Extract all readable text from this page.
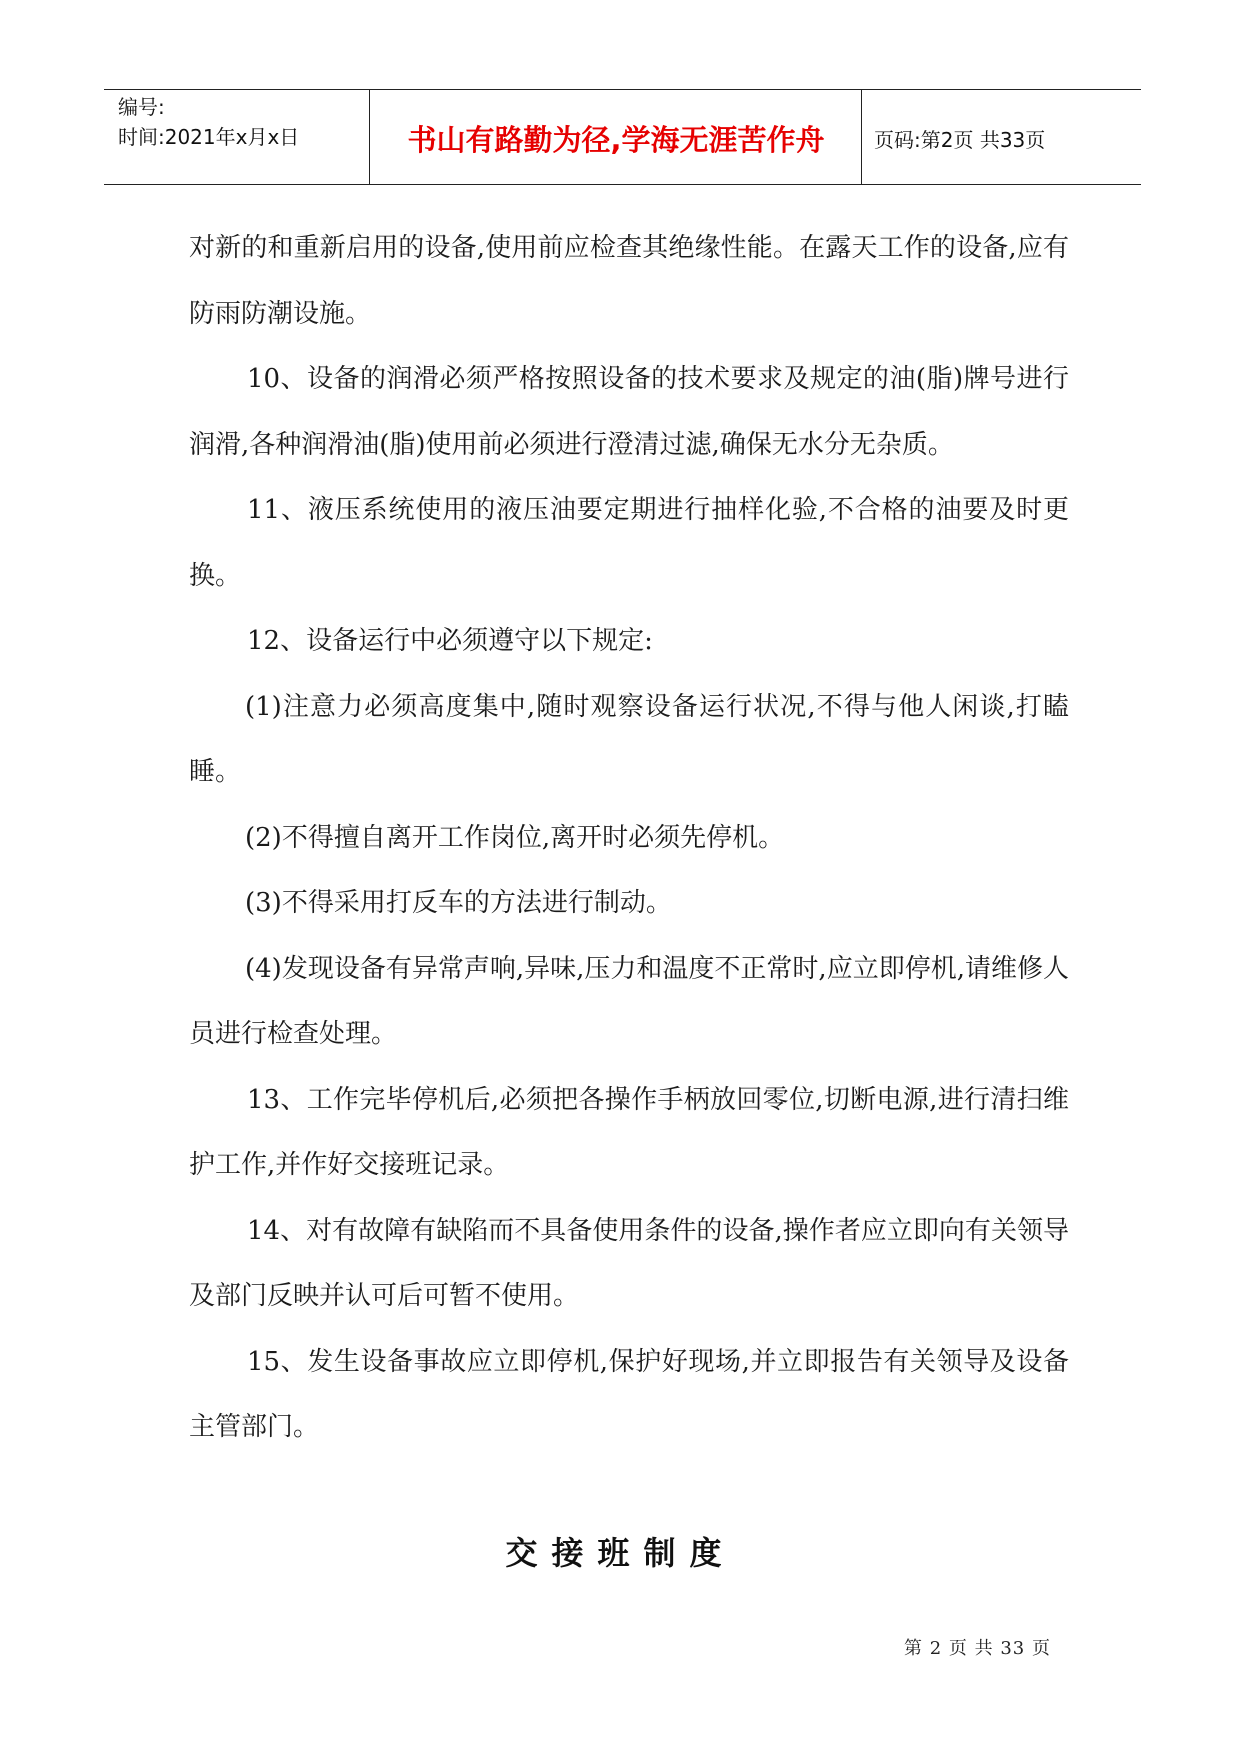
编号:
时间:2021年x月x日	书山有路勤为径,学海无涯苦作舟	页码:第2页 共33页

对新的和重新启用的设备,使用前应检查其绝缘性能。在露天工作的设备,应有防雨防潮设施。

10、设备的润滑必须严格按照设备的技术要求及规定的油(脂)牌号进行润滑,各种润滑油(脂)使用前必须进行澄清过滤,确保无水分无杂质。

11、液压系统使用的液压油要定期进行抽样化验,不合格的油要及时更换。

12、设备运行中必须遵守以下规定:

(1)注意力必须高度集中,随时观察设备运行状况,不得与他人闲谈,打瞌睡。

(2)不得擅自离开工作岗位,离开时必须先停机。

(3)不得采用打反车的方法进行制动。

(4)发现设备有异常声响,异味,压力和温度不正常时,应立即停机,请维修人员进行检查处理。

13、工作完毕停机后,必须把各操作手柄放回零位,切断电源,进行清扫维护工作,并作好交接班记录。

14、对有故障有缺陷而不具备使用条件的设备,操作者应立即向有关领导及部门反映并认可后可暂不使用。

15、发生设备事故应立即停机,保护好现场,并立即报告有关领导及设备主管部门。

交接班制度
第 2 页 共 33 页
